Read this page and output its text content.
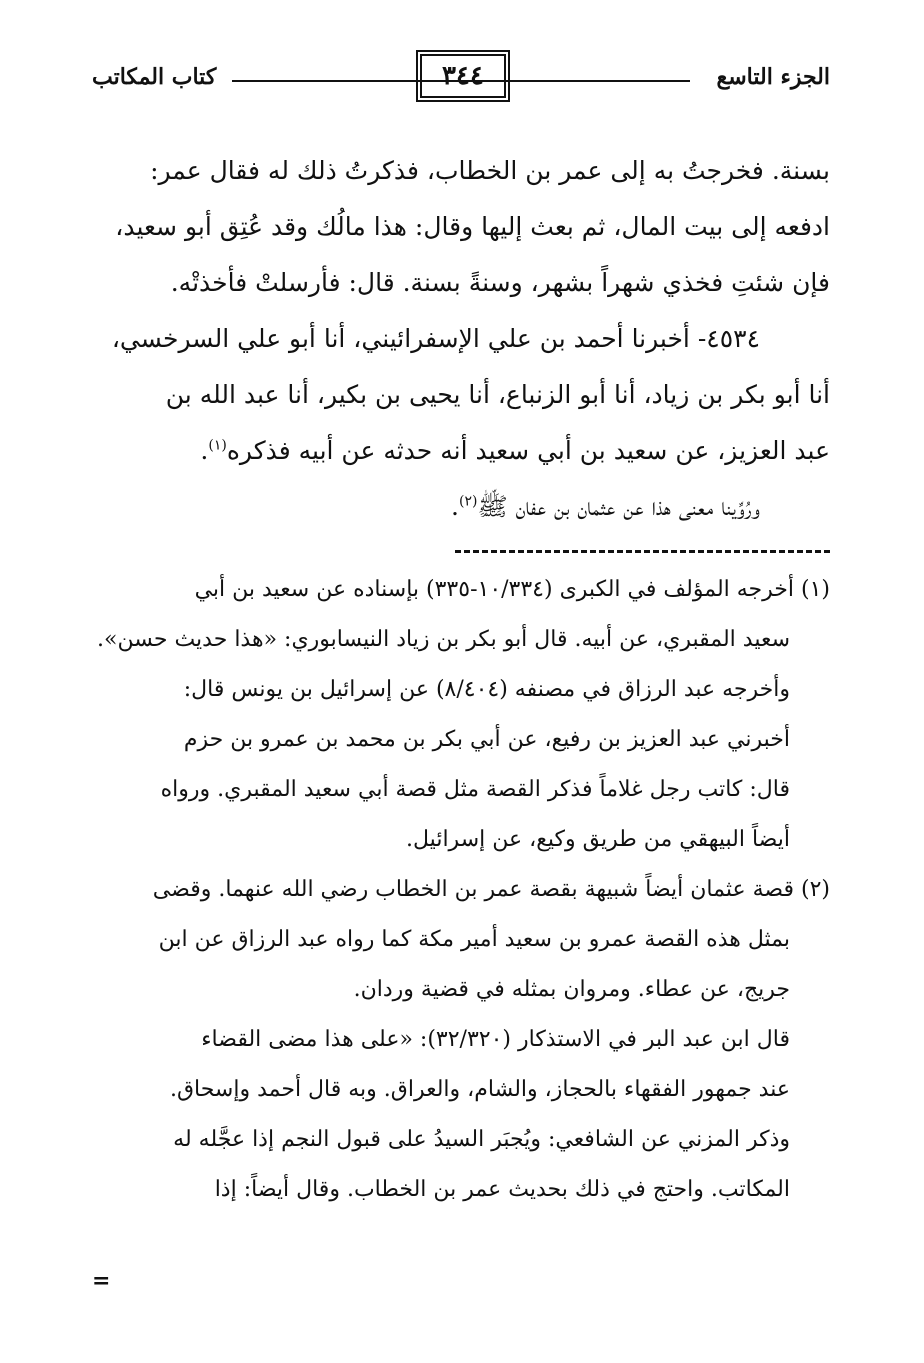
الجزء التاسع
٣٤٤
كتاب المكاتب
بسنة. فخرجتُ به إلى عمر بن الخطاب، فذكرتُ ذلك له فقال عمر:
ادفعه إلى بيت المال، ثم بعث إليها وقال: هذا مالُك وقد عُتِق أبو سعيد،
فإن شئتِ فخذي شهراً بشهر، وسنةً بسنة. قال: فأرسلتْ فأخذتْه.
٤٥٣٤- أخبرنا أحمد بن علي الإسفرائيني، أنا أبو علي السرخسي،
أنا أبو بكر بن زياد، أنا أبو الزنباع، أنا يحيى بن بكير، أنا عبد الله بن
عبد العزيز، عن سعيد بن أبي سعيد أنه حدثه عن أبيه فذكره$^{(١)}$.
ورُوِّينا معنى هذا عن عثمان بن عفان ﷺ$^{(٢)}$.
(١) أخرجه المؤلف في الكبرى (١٠/٣٣٤-٣٣٥) بإسناده عن سعيد بن أبي
سعيد المقبري، عن أبيه. قال أبو بكر بن زياد النيسابوري: «هذا حديث حسن».
وأخرجه عبد الرزاق في مصنفه (٨/٤٠٤) عن إسرائيل بن يونس قال:
أخبرني عبد العزيز بن رفيع، عن أبي بكر بن محمد بن عمرو بن حزم
قال: كاتب رجل غلاماً فذكر القصة مثل قصة أبي سعيد المقبري. ورواه
أيضاً البيهقي من طريق وكيع، عن إسرائيل.
(٢) قصة عثمان أيضاً شبيهة بقصة عمر بن الخطاب رضي الله عنهما. وقضى
بمثل هذه القصة عمرو بن سعيد أمير مكة كما رواه عبد الرزاق عن ابن
جريج، عن عطاء. ومروان بمثله في قضية وردان.
قال ابن عبد البر في الاستذكار (٣٢/٣٢٠): «على هذا مضى القضاء
عند جمهور الفقهاء بالحجاز، والشام، والعراق. وبه قال أحمد وإسحاق.
وذكر المزني عن الشافعي: ويُجبَر السيدُ على قبول النجم إذا عجَّله له
المكاتب. واحتج في ذلك بحديث عمر بن الخطاب. وقال أيضاً: إذا
=
